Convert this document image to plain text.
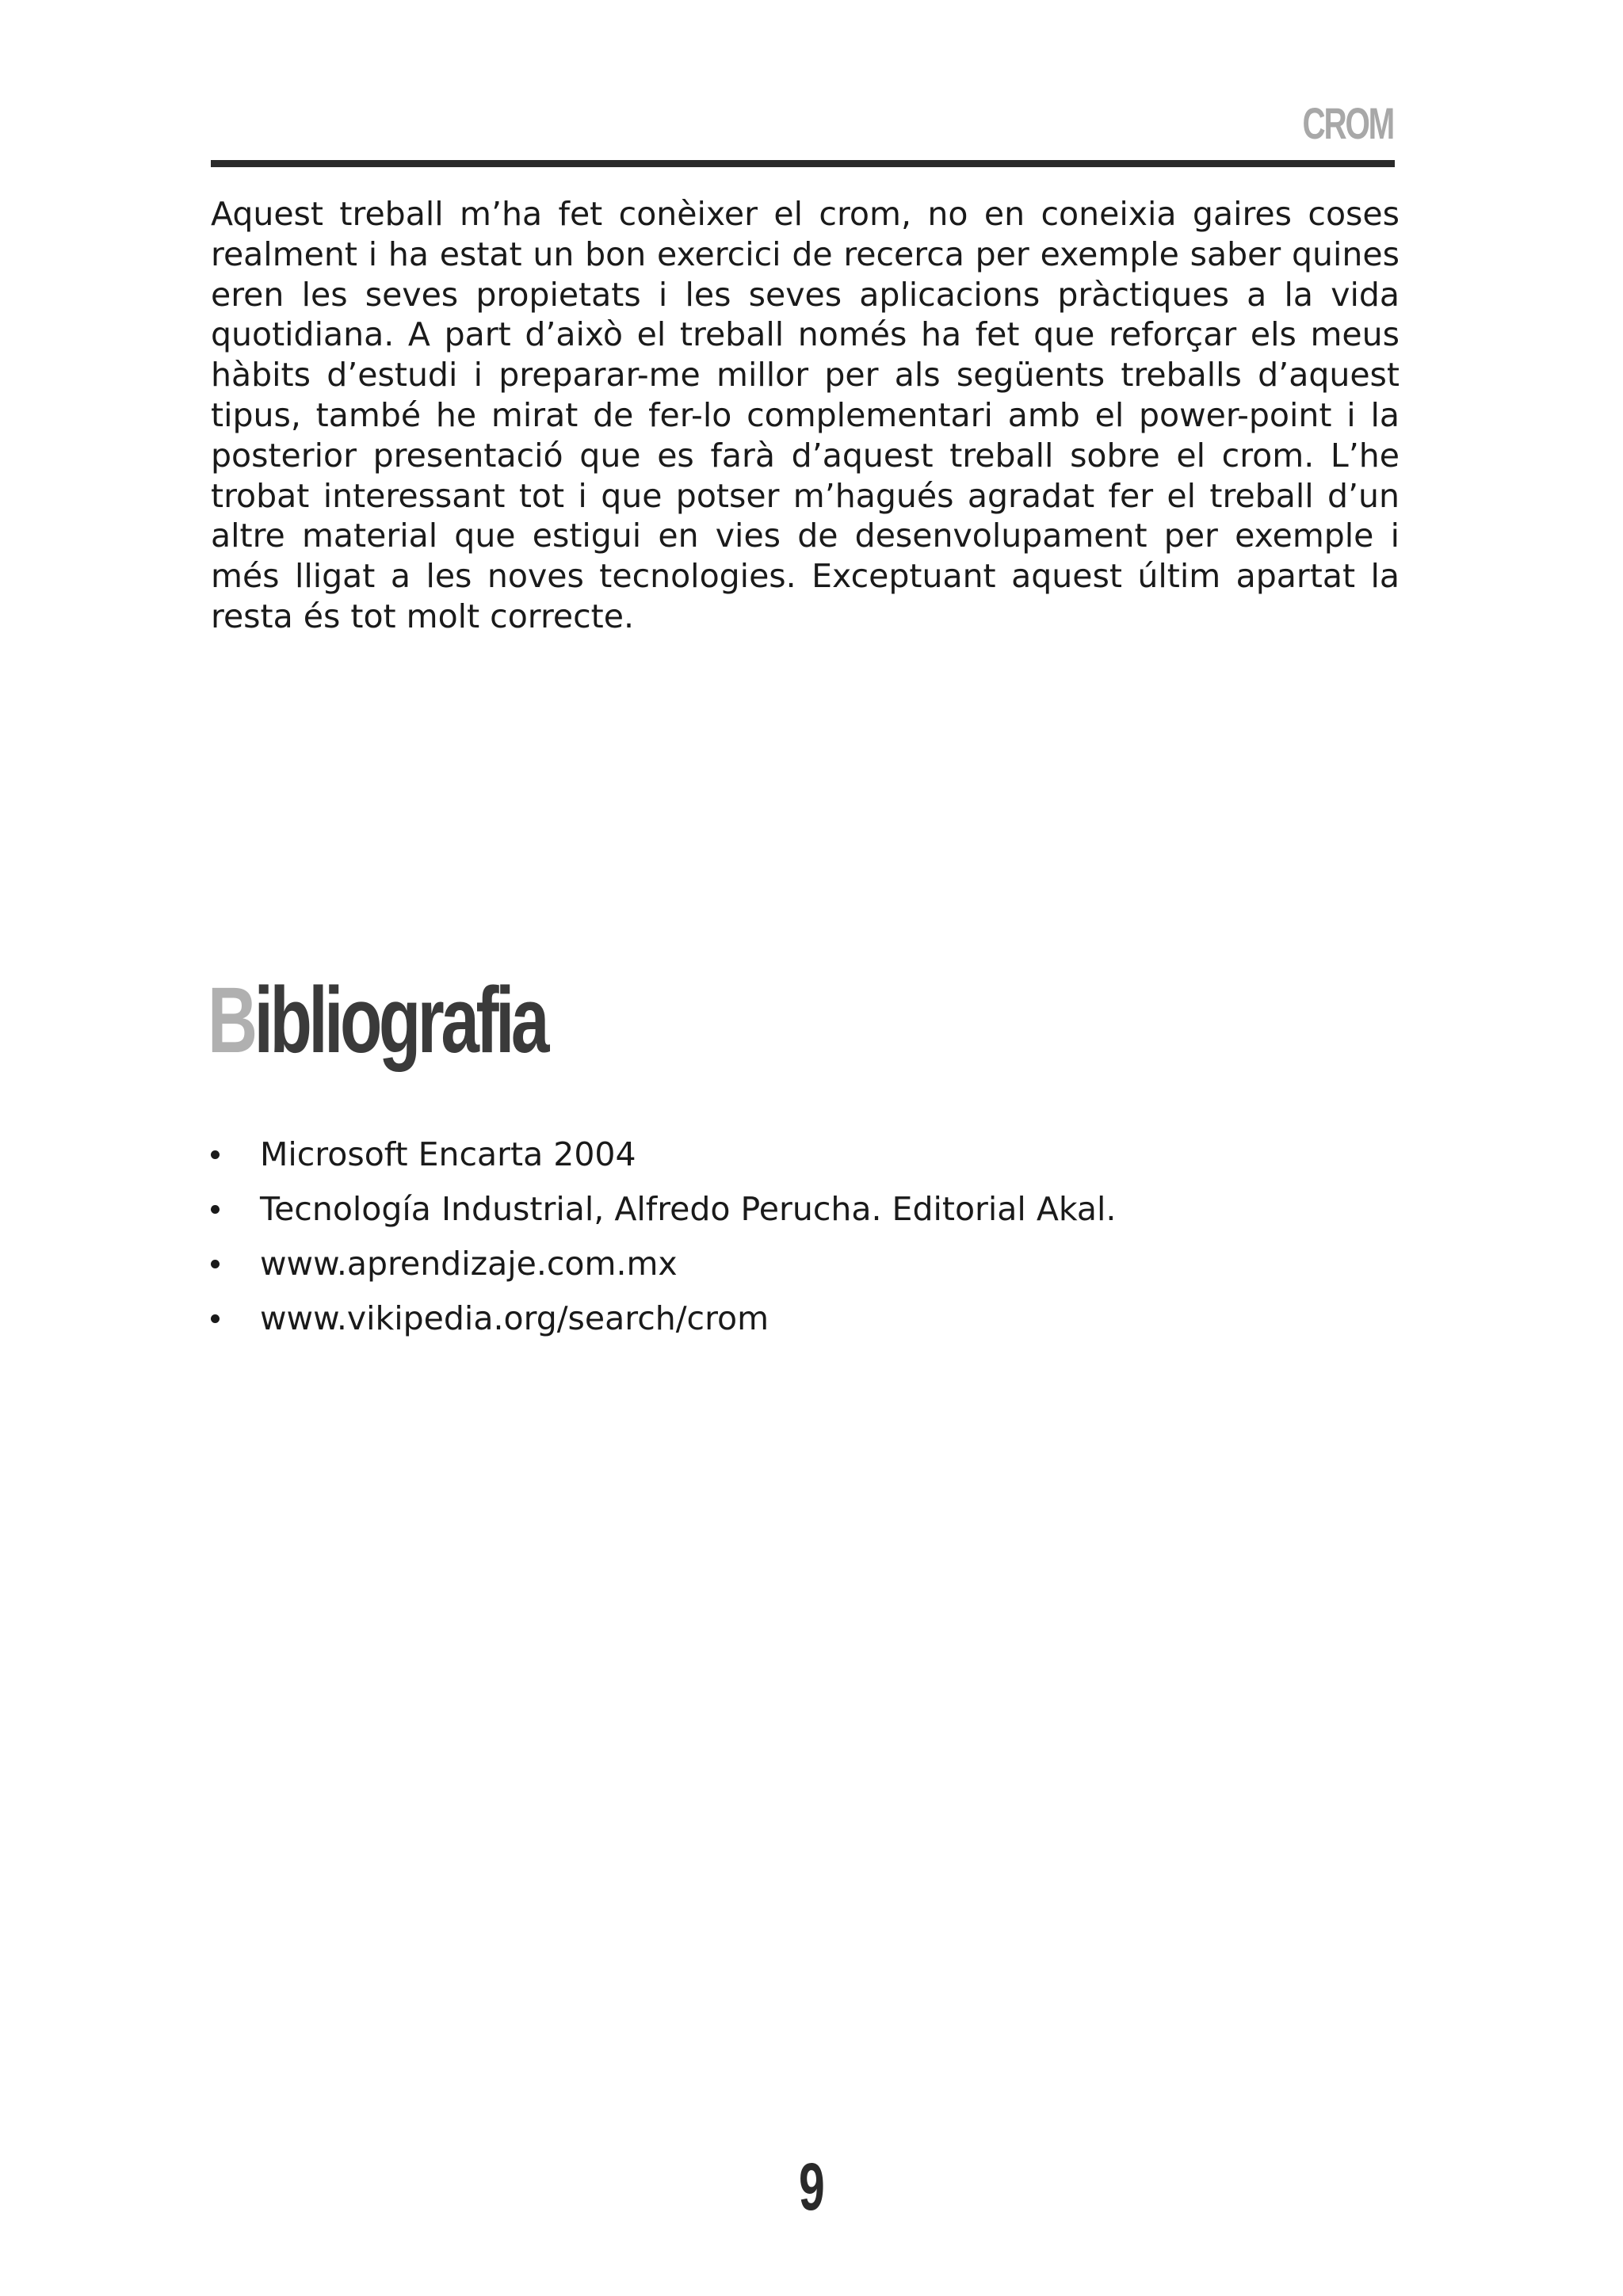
CROM

Aquest treball m’ha fet conèixer el crom, no en coneixia gaires coses realment i ha estat un bon exercici de recerca per exemple saber quines eren les seves propietats i les seves aplicacions pràctiques a la vida quotidiana. A part d’això el treball només ha fet que reforçar els meus hàbits d’estudi i preparar-me millor per als següents treballs d’aquest tipus, també he mirat de fer-lo complementari amb el power-point i la posterior presentació que es farà d’aquest treball sobre el crom. L’he trobat interessant tot i que potser m’hagués agradat fer el treball d’un altre material que estigui en vies de desenvolupament per exemple i més lligat a les noves tecnologies. Exceptuant aquest últim apartat la resta és tot molt correcte.

Bibliografia
Microsoft Encarta 2004
Tecnología Industrial, Alfredo Perucha. Editorial Akal.
www.aprendizaje.com.mx
www.vikipedia.org/search/crom
9
